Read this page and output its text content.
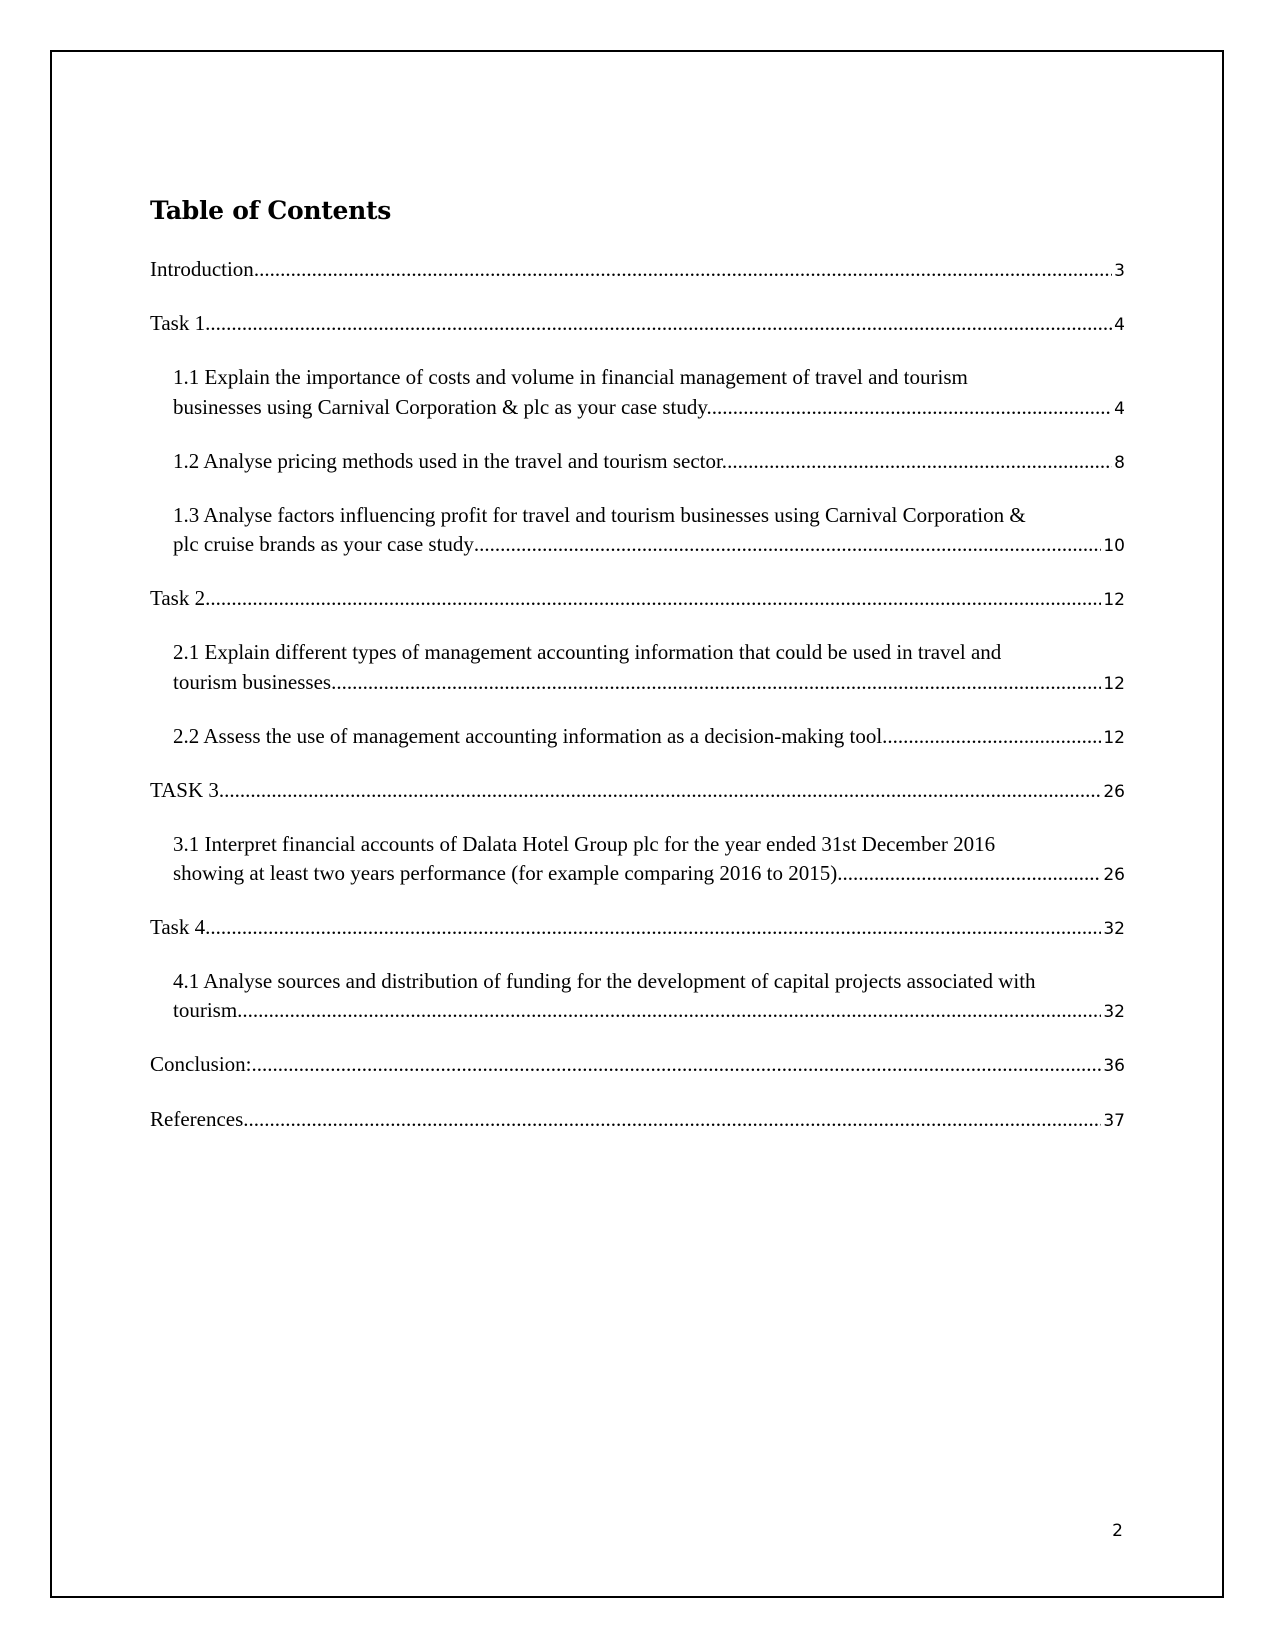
Table of Contents
Introduction .....	3
Task 1 .....	4
1.1 Explain the importance of costs and volume in financial management of travel and tourism
businesses using Carnival Corporation & plc as your case study. .....	4
1.2 Analyse pricing methods used in the travel and tourism sector. .....	8
1.3 Analyse factors influencing profit for travel and tourism businesses using Carnival Corporation &
plc cruise brands as your case study .....	10
Task 2 .....	12
2.1 Explain different types of management accounting information that could be used in travel and
tourism businesses .....	12
2.2 Assess the use of management accounting information as a decision-making tool. .....	12
TASK 3 .....	26
3.1 Interpret financial accounts of Dalata Hotel Group plc for the year ended 31st December 2016
showing at least two years performance (for example comparing 2016 to 2015). .....	26
Task 4 .....	32
4.1 Analyse sources and distribution of funding for the development of capital projects associated with
tourism .....	32
Conclusion: .....	36
References .....	37
2
